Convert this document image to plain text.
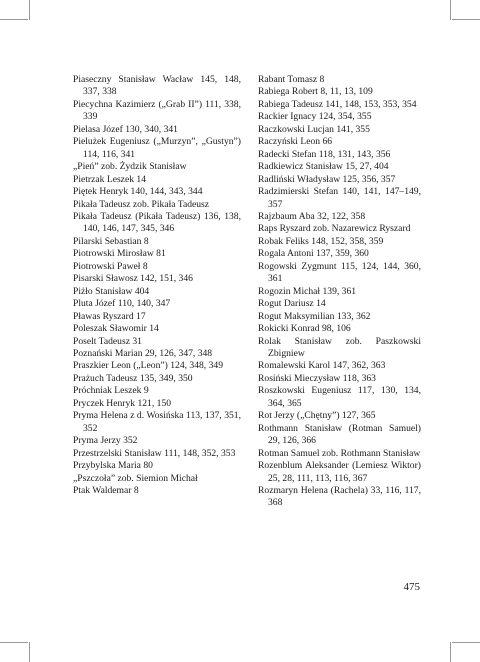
Piaseczny Stanisław Wacław 145, 148, 337, 338

Piecychna Kazimierz („Grab II”) 111, 338, 339

Pielasa Józef 130, 340, 341

Pielużek Eugeniusz („Murzyn”, „Gustyn”) 114, 116, 341

„Pień” zob. Żydzik Stanisław

Pietrzak Leszek 14

Piętek Henryk 140, 144, 343, 344

Pikała Tadeusz zob. Pikała Tadeusz

Pikała Tadeusz (Pikała Tadeusz) 136, 138, 140, 146, 147, 345, 346

Pilarski Sebastian 8

Piotrowski Mirosław 81

Piotrowski Paweł 8

Pisarski Sławosz 142, 151, 346

Piżło Stanisław 404

Pluta Józef 110, 140, 347

Pławas Ryszard 17

Poleszak Sławomir 14

Poselt Tadeusz 31

Poznański Marian 29, 126, 347, 348

Praszkier Leon („Leon”) 124, 348, 349

Prażuch Tadeusz 135, 349, 350

Próchniak Leszek 9

Pryczek Henryk 121, 150

Pryma Helena z d. Wosińska 113, 137, 351, 352

Pryma Jerzy 352

Przestrzelski Stanisław 111, 148, 352, 353

Przybylska Maria 80

„Pszczoła” zob. Siemion Michał

Ptak Waldemar 8

Rabant Tomasz 8

Rabiega Robert 8, 11, 13, 109

Rabiega Tadeusz 141, 148, 153, 353, 354

Rackier Ignacy 124, 354, 355

Raczkowski Lucjan 141, 355

Raczyński Leon 66

Radecki Stefan 118, 131, 143, 356

Radkiewicz Stanisław 15, 27, 404

Radliński Władysław 125, 356, 357

Radzimierski Stefan 140, 141, 147–149, 357

Rajzbaum Aba 32, 122, 358

Raps Ryszard zob. Nazarewicz Ryszard

Robak Feliks 148, 152, 358, 359

Rogala Antoni 137, 359, 360

Rogowski Zygmunt 115, 124, 144, 360, 361

Rogozin Michał 139, 361

Rogut Dariusz 14

Rogut Maksymilian 133, 362

Rokicki Konrad 98, 106

Rolak Stanisław zob. Paszkowski Zbigniew

Romalewski Karol 147, 362, 363

Rosiński Mieczysław 118, 363

Roszkowski Eugeniusz 117, 130, 134, 364, 365

Rot Jerzy („Chętny”) 127, 365

Rothmann Stanisław (Rotman Samuel) 29, 126, 366

Rotman Samuel zob. Rothmann Stanisław

Rozenblum Aleksander (Lemiesz Wiktor) 25, 28, 111, 113, 116, 367

Rozmaryn Helena (Rachela) 33, 116, 117, 368

475
